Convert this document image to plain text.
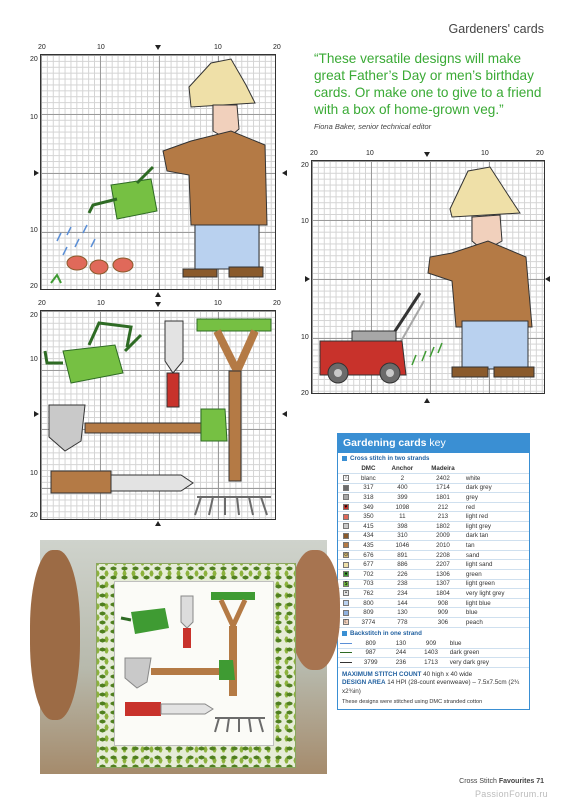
Gardeners' cards
20	10	10	20
20
10
10
20
“These versatile designs will make great Father’s Day or men’s birthday cards. Or make one to give to a friend with a box of home-grown veg.”
Fiona Baker, senior technical editor
20	10	10	20
20
10
10
20
20	10	10	20
20
10
10
20
Gardening cards key
Cross stitch in two strands
	DMC	Anchor	Madeira	
∩	blanc	2	2402	white
	317	400	1714	dark grey
	318	399	1801	grey
♥	349	1098	212	red
	350	11	213	light red
	415	398	1802	light grey
	434	310	2009	dark tan
	435	1046	2010	tan
⊙	676	891	2208	sand
	677	886	2207	light sand
♦	702	226	1306	green
$	703	238	1307	light green
•	762	234	1804	very light grey
	800	144	908	light blue
	809	130	909	blue
☾	3774	778	306	peach
Backstitch in one strand
	809	130	909	blue
	987	244	1403	dark green
	3799	236	1713	very dark grey
MAXIMUM STITCH COUNT 40 high x 40 wide
DESIGN AREA 14 HPI (28-count evenweave) – 7.5x7.5cm (2¾ x2¾in)
These designs were stitched using DMC stranded cotton
Cross Stitch Favourites 71
PassionForum.ru
